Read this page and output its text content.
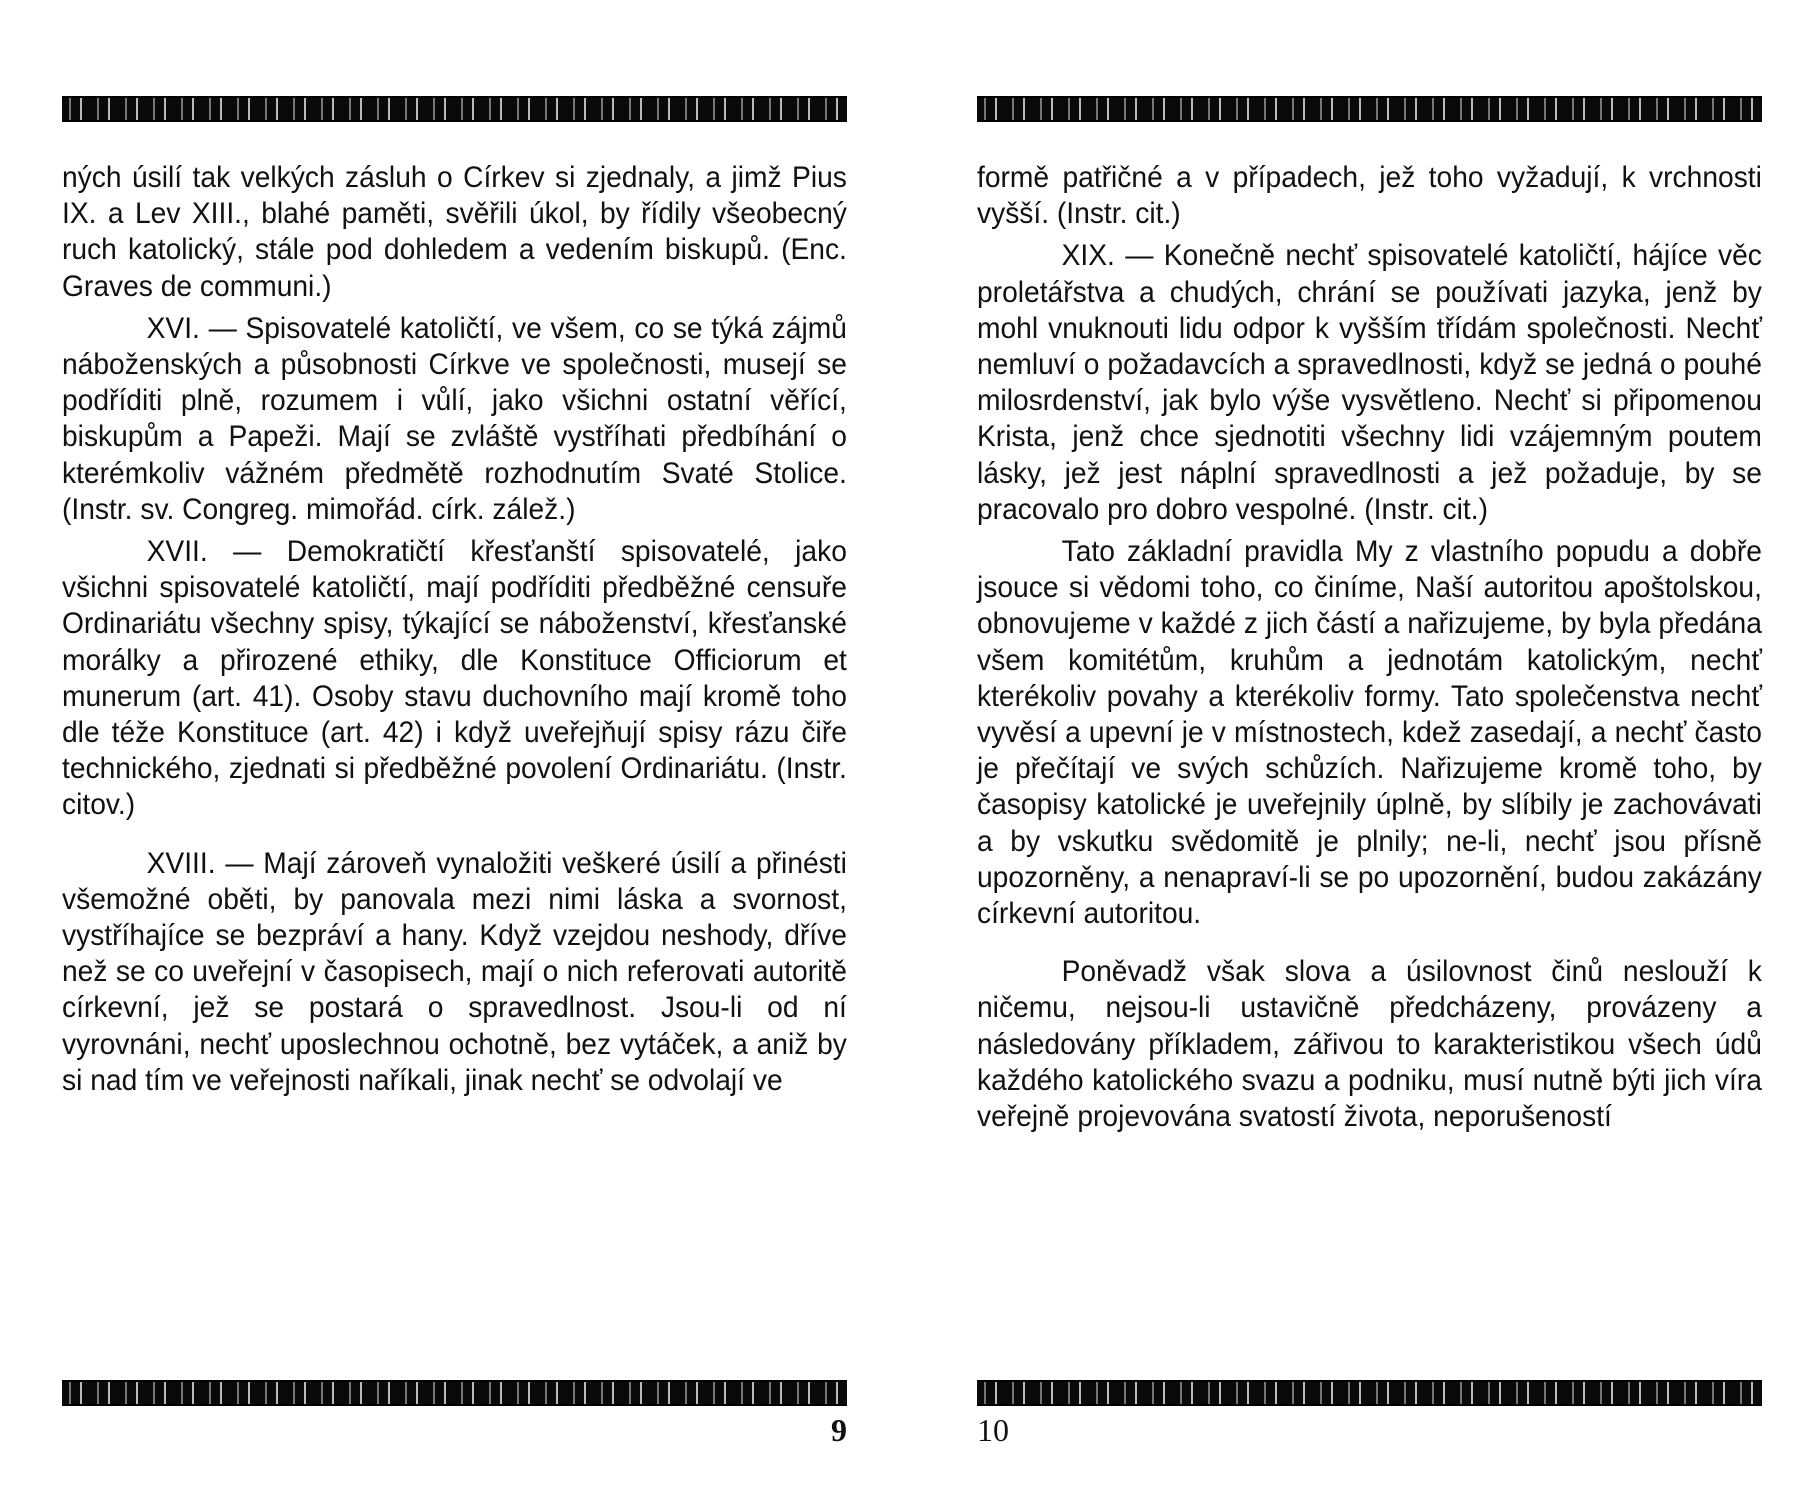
ných úsilí tak velkých zásluh o Církev si zjednaly, a jimž Pius IX. a Lev XIII., blahé paměti, svěřili úkol, by řídily všeobecný ruch katolický, stále pod dohledem a vedením biskupů. (Enc. Graves de communi.)

XVI. — Spisovatelé katoličtí, ve všem, co se týká zájmů náboženských a působnosti Církve ve společnosti, musejí se podříditi plně, rozumem i vůlí, jako všichni ostatní věřící, biskupům a Papeži. Mají se zvláště vystříhati předbíhání o kterémkoliv vážném předmětě rozhodnutím Svaté Stolice. (Instr. sv. Congreg. mimořád. círk. zálež.)

XVII. — Demokratičtí křesťanští spisovatelé, jako všichni spisovatelé katoličtí, mají podříditi předběžné censuře Ordinariátu všechny spisy, týkající se náboženství, křesťanské morálky a přirozené ethiky, dle Konstituce Officiorum et munerum (art. 41). Osoby stavu duchovního mají kromě toho dle téže Konstituce (art. 42) i když uveřejňují spisy rázu čiře technického, zjednati si předběžné povolení Ordinariátu. (Instr. citov.)

XVIII. — Mají zároveň vynaložiti veškeré úsilí a přinésti všemožné oběti, by panovala mezi nimi láska a svornost, vystříhajíce se bezpráví a hany. Když vzejdou neshody, dříve než se co uveřejní v časopisech, mají o nich referovati autoritě církevní, jež se postará o spravedlnost. Jsou-li od ní vyrovnáni, nechť uposlechnou ochotně, bez vytáček, a aniž by si nad tím ve veřejnosti naříkali, jinak nechť se odvolají ve

9

formě patřičné a v případech, jež toho vyžadují, k vrchnosti vyšší. (Instr. cit.)

XIX. — Konečně nechť spisovatelé katoličtí, hájíce věc proletářstva a chudých, chrání se používati jazyka, jenž by mohl vnuknouti lidu odpor k vyšším třídám společnosti. Nechť nemluví o požadavcích a spravedlnosti, když se jedná o pouhé milosrdenství, jak bylo výše vysvětleno. Nechť si připomenou Krista, jenž chce sjednotiti všechny lidi vzájemným poutem lásky, jež jest náplní spravedlnosti a jež požaduje, by se pracovalo pro dobro vespolné. (Instr. cit.)

Tato základní pravidla My z vlastního popudu a dobře jsouce si vědomi toho, co činíme, Naší autoritou apoštolskou, obnovujeme v každé z jich částí a nařizujeme, by byla předána všem komitétům, kruhům a jednotám katolickým, nechť kterékoliv povahy a kterékoliv formy. Tato společenstva nechť vyvěsí a upevní je v místnostech, kdež zasedají, a nechť často je přečítají ve svých schůzích. Nařizujeme kromě toho, by časopisy katolické je uveřejnily úplně, by slíbily je zachovávati a by vskutku svědomitě je plnily; ne-li, nechť jsou přísně upozorněny, a nenapraví-li se po upozornění, budou zakázány církevní autoritou.

Poněvadž však slova a úsilovnost činů neslouží k ničemu, nejsou-li ustavičně předcházeny, provázeny a následovány příkladem, zářivou to karakteristikou všech údů každého katolického svazu a podniku, musí nutně býti jich víra veřejně projevována svatostí života, neporušeností

10
